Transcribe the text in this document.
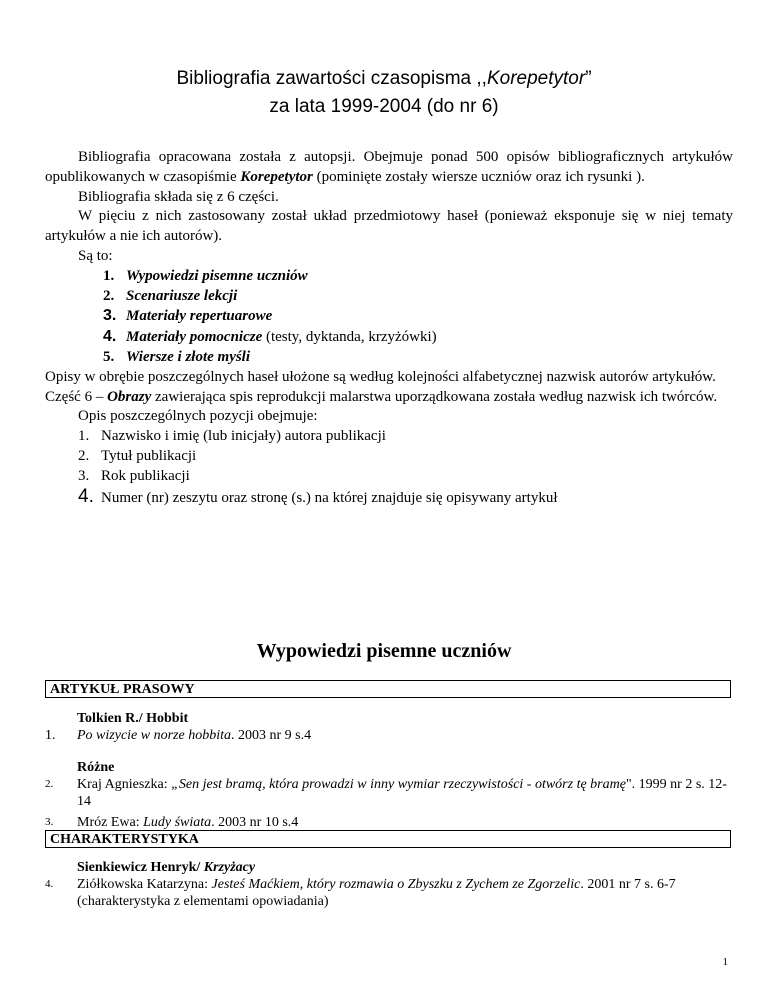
Bibliografia zawartości czasopisma ,,Korepetytor”
za lata 1999-2004 (do nr 6)

Bibliografia opracowana została z autopsji. Obejmuje ponad 500 opisów bibliograficznych artykułów opublikowanych w czasopiśmie Korepetytor (pominięte zostały wiersze uczniów oraz ich rysunki ).

Bibliografia składa się z 6 części.

W pięciu z nich zastosowany został układ przedmiotowy haseł (ponieważ eksponuje się w niej tematy artykułów a nie ich autorów).

Są to:

1. Wypowiedzi pisemne uczniów
2. Scenariusze lekcji
3. Materiały repertuarowe
4. Materiały pomocnicze (testy, dyktanda, krzyżówki)
5. Wiersze i złote myśli

Opisy w obrębie poszczególnych haseł ułożone są według kolejności alfabetycznej nazwisk autorów artykułów.

Część 6 – Obrazy zawierająca spis reprodukcji malarstwa uporządkowana została według nazwisk ich twórców.

Opis poszczególnych pozycji obejmuje:

1. Nazwisko i imię (lub inicjały) autora publikacji
2. Tytuł publikacji
3. Rok publikacji
4. Numer (nr) zeszytu oraz stronę (s.) na której znajduje się opisywany artykuł
Wypowiedzi pisemne uczniów
ARTYKUŁ PRASOWY
Tolkien R./ Hobbit
1.	Po wizycie w norze hobbita. 2003 nr 9 s.4
Różne
2.	Kraj Agnieszka: „Sen jest bramą, która prowadzi w inny wymiar rzeczywistości - otwórz tę bramę". 1999 nr 2 s. 12-14
3.	Mróz Ewa: Ludy świata. 2003 nr 10 s.4
CHARAKTERYSTYKA
Sienkiewicz Henryk/ Krzyżacy
4.	Ziółkowska Katarzyna: Jesteś Maćkiem, który rozmawia o Zbyszku z Zychem ze Zgorzelic. 2001 nr 7 s. 6-7 (charakterystyka z elementami opowiadania)
1
